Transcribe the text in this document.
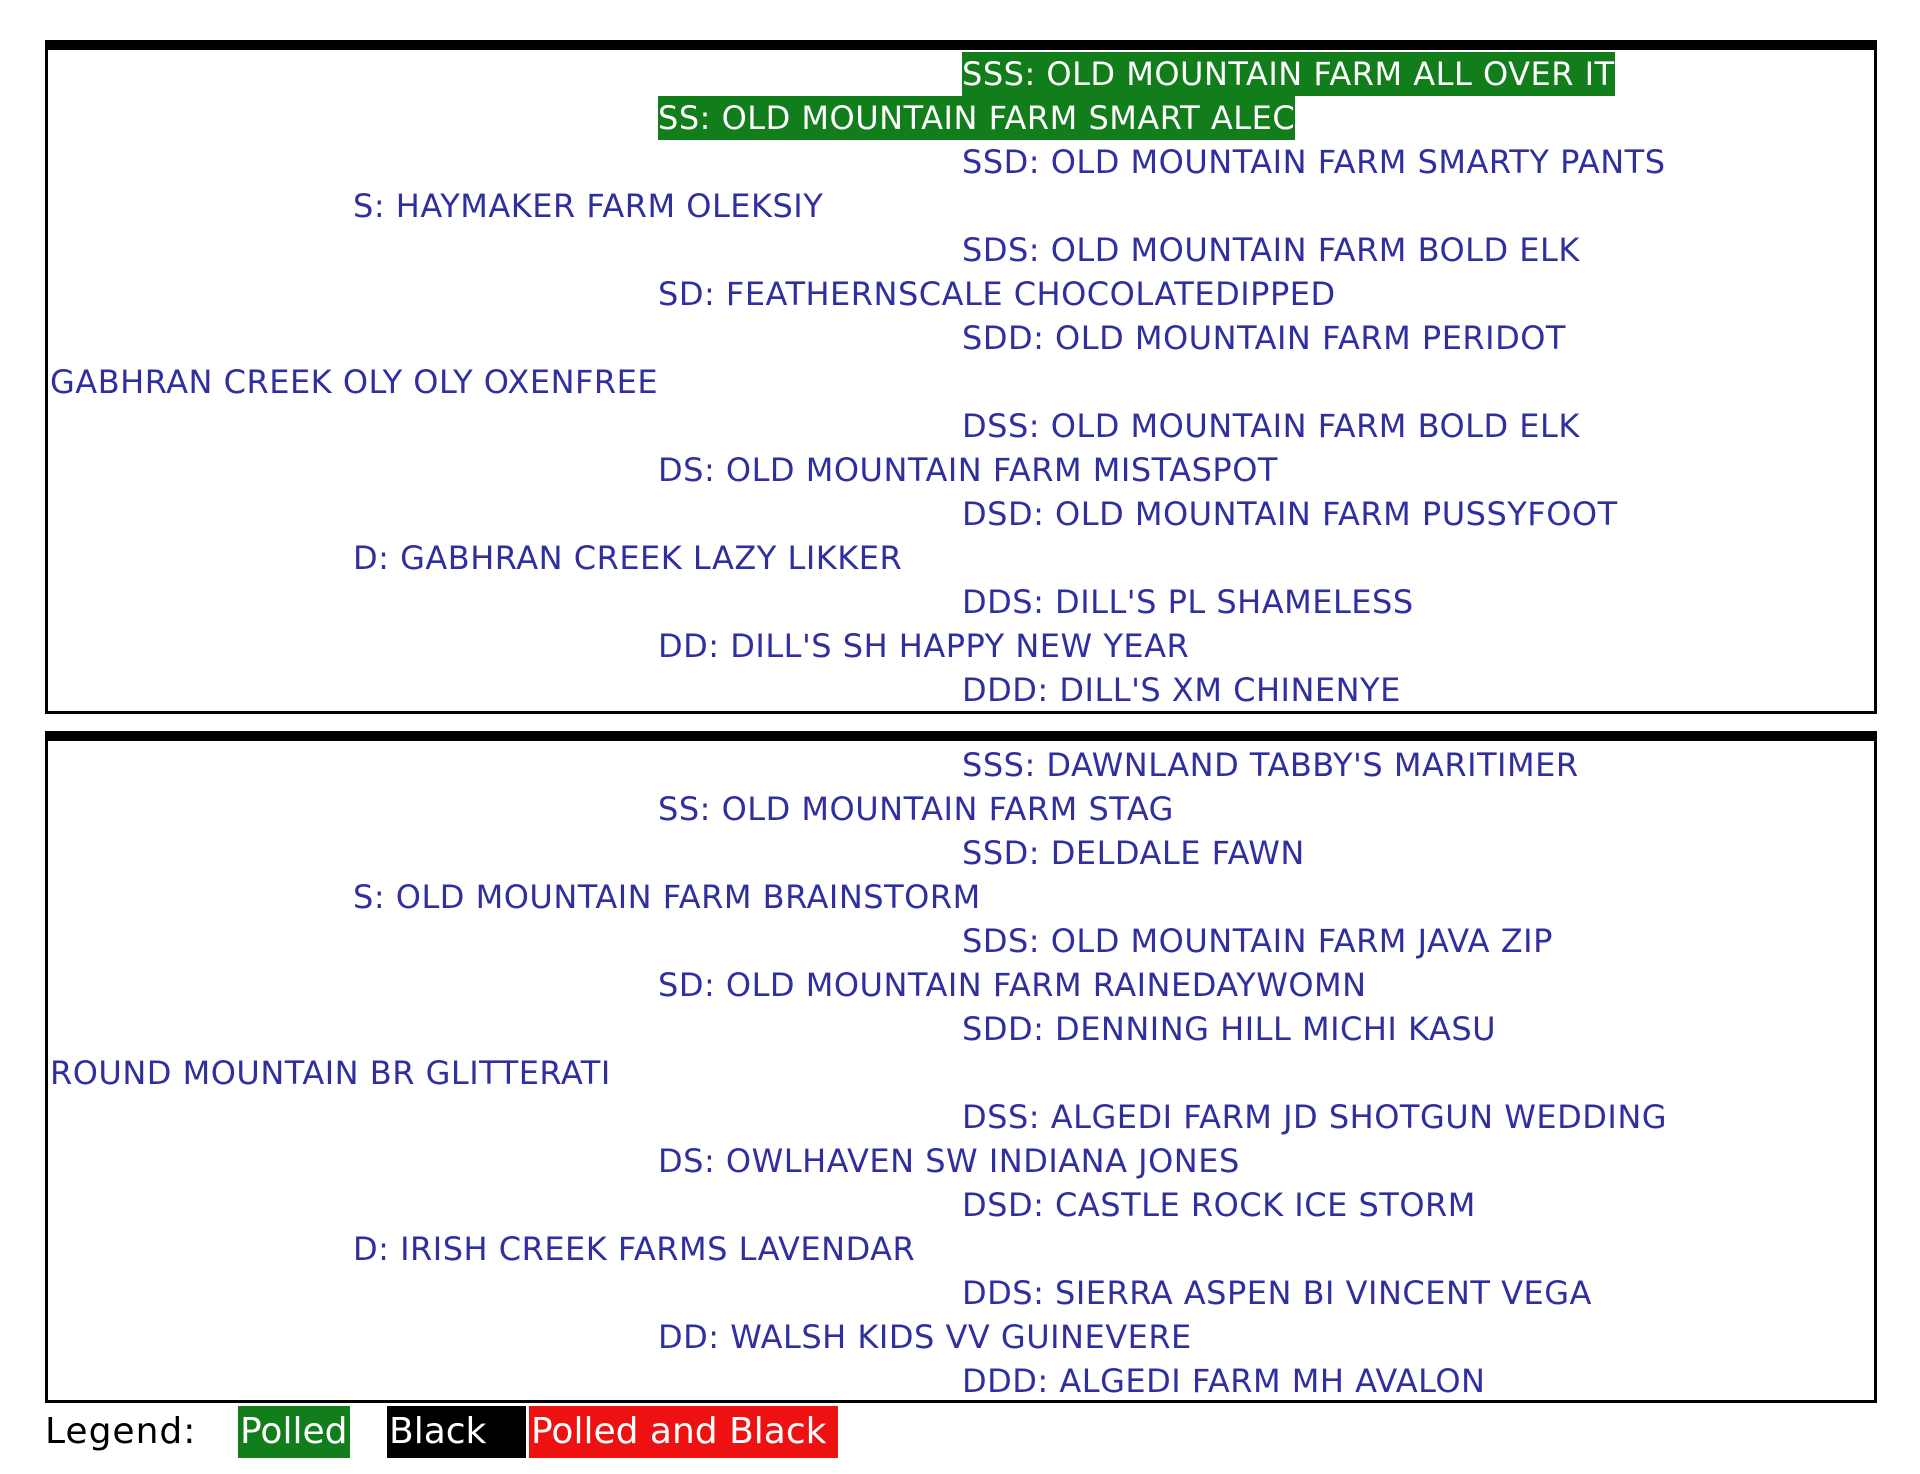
SSS: OLD MOUNTAIN FARM ALL OVER IT
SS: OLD MOUNTAIN FARM SMART ALEC
SSD: OLD MOUNTAIN FARM SMARTY PANTS
S: HAYMAKER FARM OLEKSIY
SDS: OLD MOUNTAIN FARM BOLD ELK
SD: FEATHERNSCALE CHOCOLATEDIPPED
SDD: OLD MOUNTAIN FARM PERIDOT
GABHRAN CREEK OLY OLY OXENFREE
DSS: OLD MOUNTAIN FARM BOLD ELK
DS: OLD MOUNTAIN FARM MISTASPOT
DSD: OLD MOUNTAIN FARM PUSSYFOOT
D: GABHRAN CREEK LAZY LIKKER
DDS: DILL'S PL SHAMELESS
DD: DILL'S SH HAPPY NEW YEAR
DDD: DILL'S XM CHINENYE
SSS: DAWNLAND TABBY'S MARITIMER
SS: OLD MOUNTAIN FARM STAG
SSD: DELDALE FAWN
S: OLD MOUNTAIN FARM BRAINSTORM
SDS: OLD MOUNTAIN FARM JAVA ZIP
SD: OLD MOUNTAIN FARM RAINEDAYWOMN
SDD: DENNING HILL MICHI KASU
ROUND MOUNTAIN BR GLITTERATI
DSS: ALGEDI FARM JD SHOTGUN WEDDING
DS: OWLHAVEN SW INDIANA JONES
DSD: CASTLE ROCK ICE STORM
D: IRISH CREEK FARMS LAVENDAR
DDS: SIERRA ASPEN BI VINCENT VEGA
DD: WALSH KIDS VV GUINEVERE
DDD: ALGEDI FARM MH AVALON
Legend: Polled Black	Polled and Black
